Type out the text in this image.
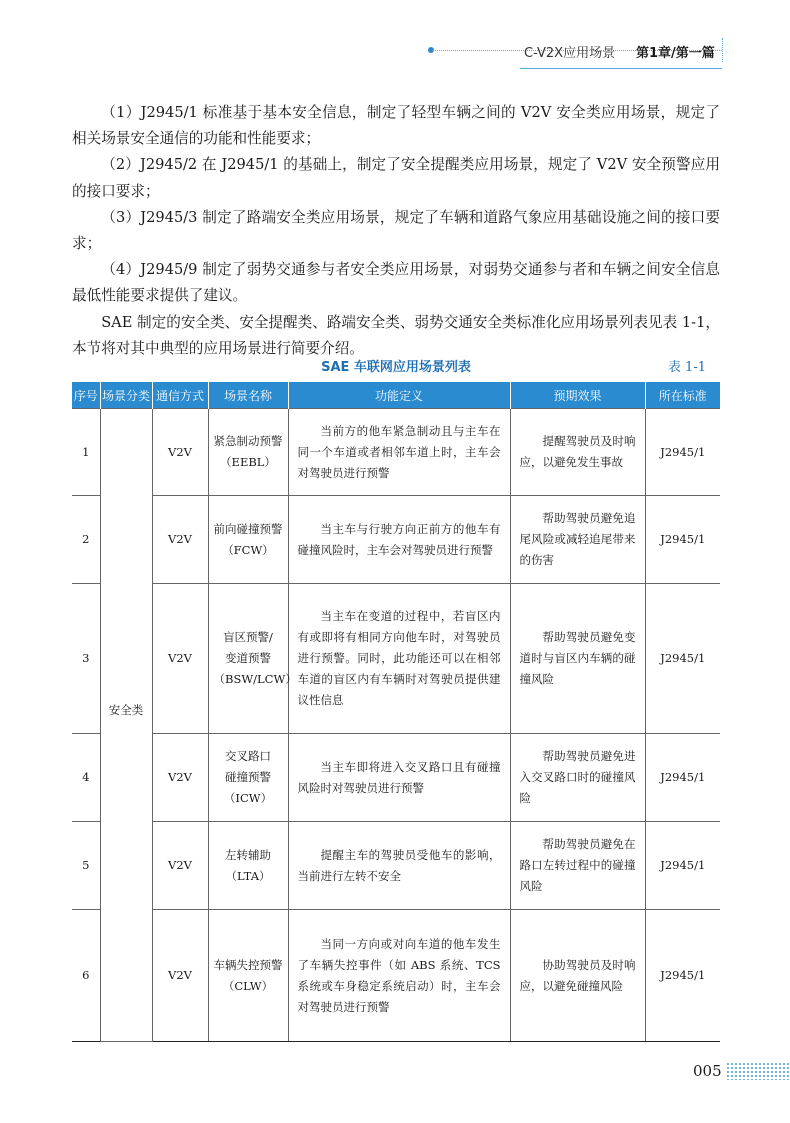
C-V2X应用场景 第1章/第一篇

（1）J2945/1 标准基于基本安全信息，制定了轻型车辆之间的 V2V 安全类应用场景，规定了相关场景安全通信的功能和性能要求；

（2）J2945/2 在 J2945/1 的基础上，制定了安全提醒类应用场景，规定了 V2V 安全预警应用的接口要求；

（3）J2945/3 制定了路端安全类应用场景，规定了车辆和道路气象应用基础设施之间的接口要求；

（4）J2945/9 制定了弱势交通参与者安全类应用场景，对弱势交通参与者和车辆之间安全信息最低性能要求提供了建议。

SAE 制定的安全类、安全提醒类、路端安全类、弱势交通安全类标准化应用场景列表见表 1-1，本节将对其中典型的应用场景进行简要介绍。

SAE 车联网应用场景列表	表 1-1
序号	场景分类	通信方式	场景名称	功能定义	预期效果	所在标准
1	安全类	V2V	紧急制动预警
（EEBL）	当前方的他车紧急制动且与主车在同一个车道或者相邻车道上时，主车会对驾驶员进行预警	提醒驾驶员及时响应，以避免发生事故	J2945/1
2		V2V	前向碰撞预警
（FCW）	当主车与行驶方向正前方的他车有碰撞风险时，主车会对驾驶员进行预警	帮助驾驶员避免追尾风险或减轻追尾带来的伤害	J2945/1
3		V2V	盲区预警/
变道预警
（BSW/LCW）	当主车在变道的过程中，若盲区内有或即将有相同方向他车时，对驾驶员进行预警。同时，此功能还可以在相邻车道的盲区内有车辆时对驾驶员提供建议性信息	帮助驾驶员避免变道时与盲区内车辆的碰撞风险	J2945/1
4		V2V	交叉路口
碰撞预警
（ICW）	当主车即将进入交叉路口且有碰撞风险时对驾驶员进行预警	帮助驾驶员避免进入交叉路口时的碰撞风险	J2945/1
5		V2V	左转辅助
（LTA）	提醒主车的驾驶员受他车的影响，当前进行左转不安全	帮助驾驶员避免在路口左转过程中的碰撞风险	J2945/1
6		V2V	车辆失控预警
（CLW）	当同一方向或对向车道的他车发生了车辆失控事件（如 ABS 系统、TCS 系统或车身稳定系统启动）时，主车会对驾驶员进行预警	协助驾驶员及时响应，以避免碰撞风险	J2945/1
005
